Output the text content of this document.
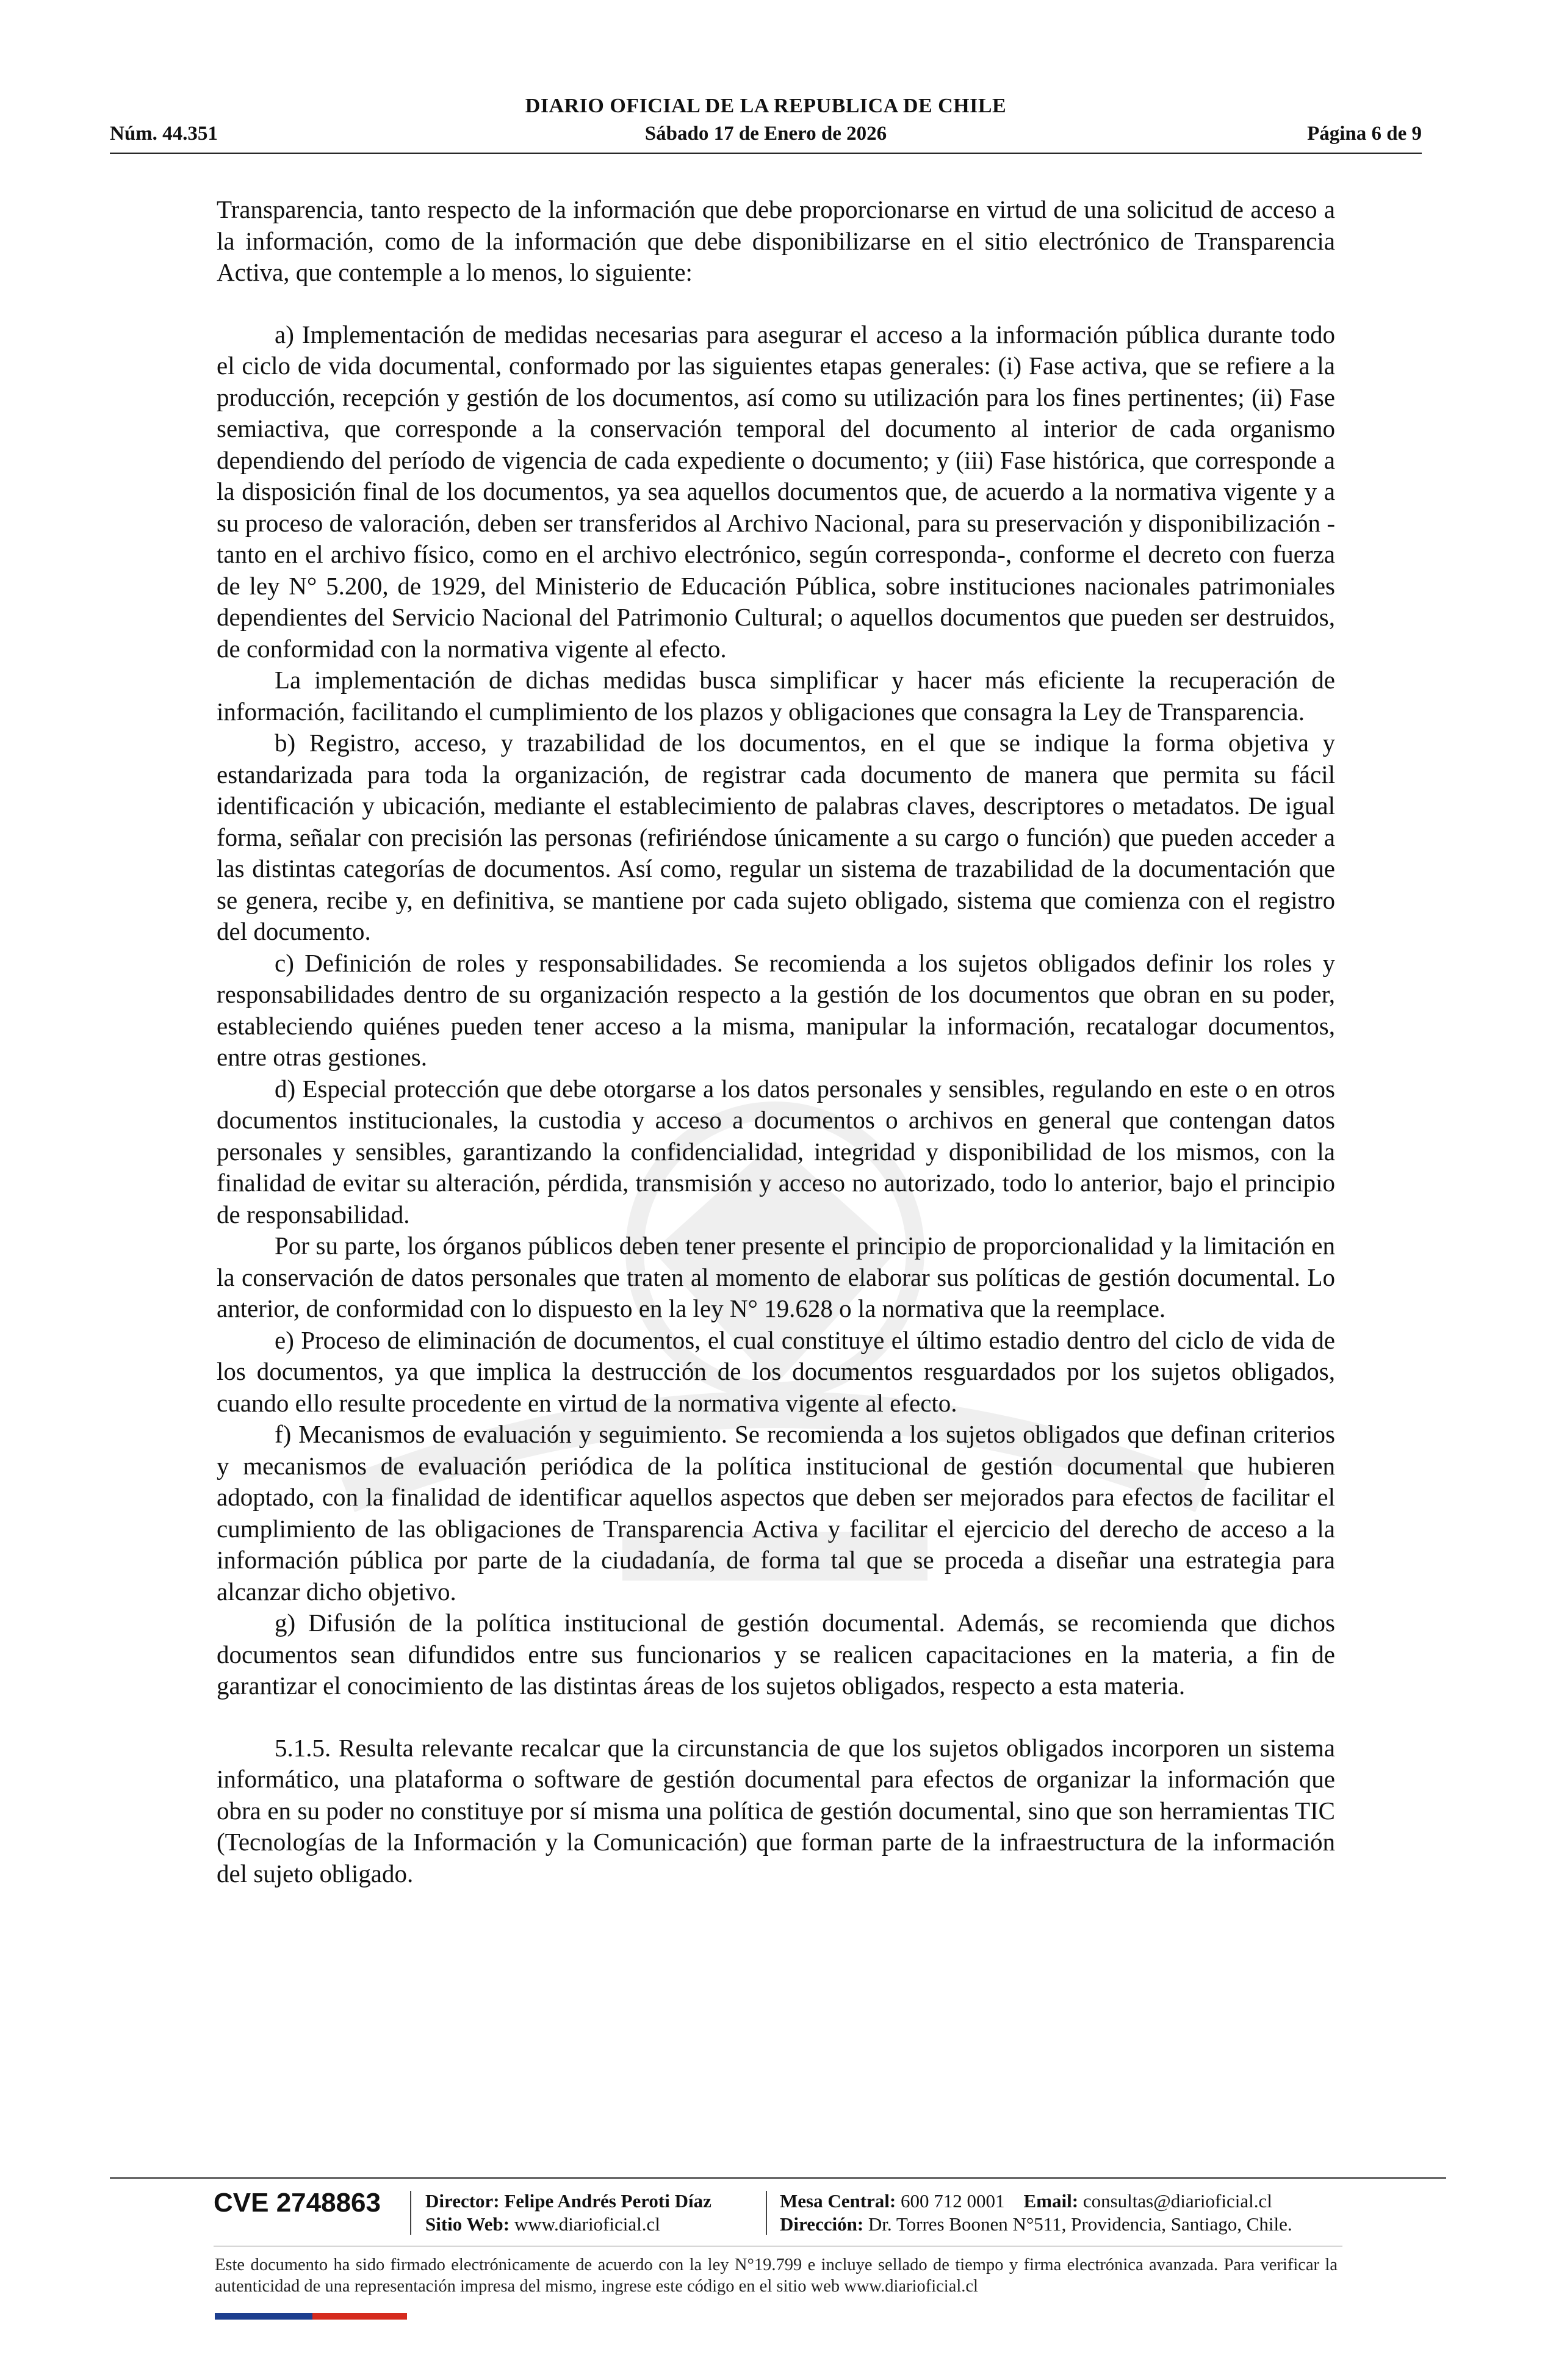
DIARIO OFICIAL DE LA REPUBLICA DE CHILE
Núm. 44.351	Sábado 17 de Enero de 2026	Página 6 de 9

Transparencia, tanto respecto de la información que debe proporcionarse en virtud de una solicitud de acceso a la información, como de la información que debe disponibilizarse en el sitio electrónico de Transparencia Activa, que contemple a lo menos, lo siguiente:

a) Implementación de medidas necesarias para asegurar el acceso a la información pública durante todo el ciclo de vida documental, conformado por las siguientes etapas generales: (i) Fase activa, que se refiere a la producción, recepción y gestión de los documentos, así como su utilización para los fines pertinentes; (ii) Fase semiactiva, que corresponde a la conservación temporal del documento al interior de cada organismo dependiendo del período de vigencia de cada expediente o documento; y (iii) Fase histórica, que corresponde a la disposición final de los documentos, ya sea aquellos documentos que, de acuerdo a la normativa vigente y a su proceso de valoración, deben ser transferidos al Archivo Nacional, para su preservación y disponibilización -tanto en el archivo físico, como en el archivo electrónico, según corresponda-, conforme el decreto con fuerza de ley N° 5.200, de 1929, del Ministerio de Educación Pública, sobre instituciones nacionales patrimoniales dependientes del Servicio Nacional del Patrimonio Cultural; o aquellos documentos que pueden ser destruidos, de conformidad con la normativa vigente al efecto.

La implementación de dichas medidas busca simplificar y hacer más eficiente la recuperación de información, facilitando el cumplimiento de los plazos y obligaciones que consagra la Ley de Transparencia.

b) Registro, acceso, y trazabilidad de los documentos, en el que se indique la forma objetiva y estandarizada para toda la organización, de registrar cada documento de manera que permita su fácil identificación y ubicación, mediante el establecimiento de palabras claves, descriptores o metadatos. De igual forma, señalar con precisión las personas (refiriéndose únicamente a su cargo o función) que pueden acceder a las distintas categorías de documentos. Así como, regular un sistema de trazabilidad de la documentación que se genera, recibe y, en definitiva, se mantiene por cada sujeto obligado, sistema que comienza con el registro del documento.

c) Definición de roles y responsabilidades. Se recomienda a los sujetos obligados definir los roles y responsabilidades dentro de su organización respecto a la gestión de los documentos que obran en su poder, estableciendo quiénes pueden tener acceso a la misma, manipular la información, recatalogar documentos, entre otras gestiones.

d) Especial protección que debe otorgarse a los datos personales y sensibles, regulando en este o en otros documentos institucionales, la custodia y acceso a documentos o archivos en general que contengan datos personales y sensibles, garantizando la confidencialidad, integridad y disponibilidad de los mismos, con la finalidad de evitar su alteración, pérdida, transmisión y acceso no autorizado, todo lo anterior, bajo el principio de responsabilidad.

Por su parte, los órganos públicos deben tener presente el principio de proporcionalidad y la limitación en la conservación de datos personales que traten al momento de elaborar sus políticas de gestión documental. Lo anterior, de conformidad con lo dispuesto en la ley N° 19.628 o la normativa que la reemplace.

e) Proceso de eliminación de documentos, el cual constituye el último estadio dentro del ciclo de vida de los documentos, ya que implica la destrucción de los documentos resguardados por los sujetos obligados, cuando ello resulte procedente en virtud de la normativa vigente al efecto.

f) Mecanismos de evaluación y seguimiento. Se recomienda a los sujetos obligados que definan criterios y mecanismos de evaluación periódica de la política institucional de gestión documental que hubieren adoptado, con la finalidad de identificar aquellos aspectos que deben ser mejorados para efectos de facilitar el cumplimiento de las obligaciones de Transparencia Activa y facilitar el ejercicio del derecho de acceso a la información pública por parte de la ciudadanía, de forma tal que se proceda a diseñar una estrategia para alcanzar dicho objetivo.

g) Difusión de la política institucional de gestión documental. Además, se recomienda que dichos documentos sean difundidos entre sus funcionarios y se realicen capacitaciones en la materia, a fin de garantizar el conocimiento de las distintas áreas de los sujetos obligados, respecto a esta materia.

5.1.5. Resulta relevante recalcar que la circunstancia de que los sujetos obligados incorporen un sistema informático, una plataforma o software de gestión documental para efectos de organizar la información que obra en su poder no constituye por sí misma una política de gestión documental, sino que son herramientas TIC (Tecnologías de la Información y la Comunicación) que forman parte de la infraestructura de la información del sujeto obligado.

CVE 2748863 Director: Felipe Andrés Peroti Díaz
Sitio Web: www.diarioficial.cl
Mesa Central: 600 712 0001 Email: consultas@diarioficial.cl
Dirección: Dr. Torres Boonen N°511, Providencia, Santiago, Chile.
Este documento ha sido firmado electrónicamente de acuerdo con la ley N°19.799 e incluye sellado de tiempo y firma electrónica avanzada. Para verificar la autenticidad de una representación impresa del mismo, ingrese este código en el sitio web www.diarioficial.cl
